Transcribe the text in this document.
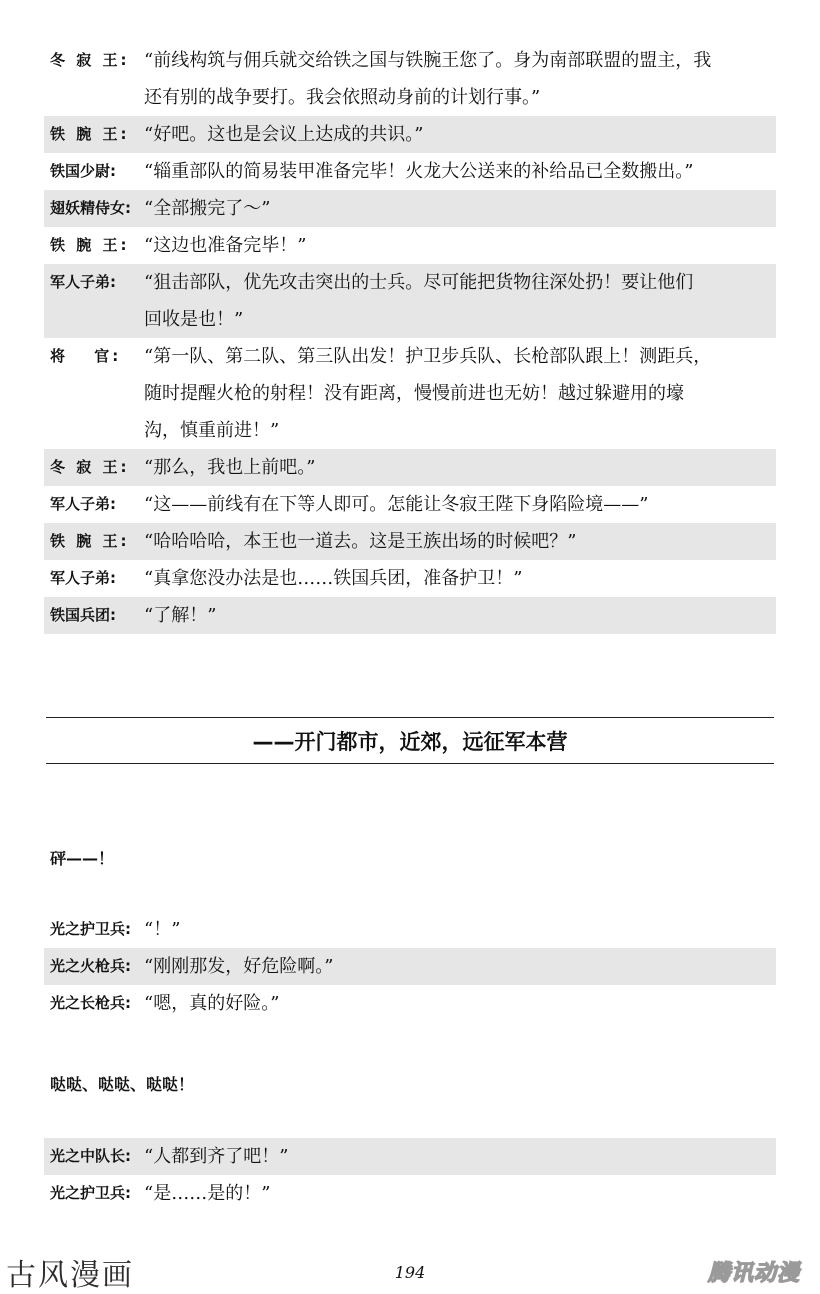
冬 寂 王: “前线构筑与佣兵就交给铁之国与铁腕王您了。身为南部联盟的盟主，我
还有别的战争要打。我会依照动身前的计划行事。”
铁 腕 王: “好吧。这也是会议上达成的共识。”
铁国少尉:	“辎重部队的简易装甲准备完毕！火龙大公送来的补给品已全数搬出。”
翅妖精侍女: “全部搬完了～”
铁 腕 王: “这边也准备完毕！”
军人子弟:	“狙击部队，优先攻击突出的士兵。尽可能把货物往深处扔！要让他们
回收是也！”
将　 官:	“第一队、第二队、第三队出发！护卫步兵队、长枪部队跟上！测距兵，
随时提醒火枪的射程！没有距离，慢慢前进也无妨！越过躲避用的壕
沟，慎重前进！”
冬 寂 王: “那么，我也上前吧。”
军人子弟:	“这——前线有在下等人即可。怎能让冬寂王陛下身陷险境——”
铁 腕 王: “哈哈哈哈，本王也一道去。这是王族出场的时候吧？”
军人子弟:	“真拿您没办法是也……铁国兵团，准备护卫！”
铁国兵团:	“了解！”
——开门都市，近郊，远征军本营
砰——！
光之护卫兵: “！”
光之火枪兵: “刚刚那发，好危险啊。”
光之长枪兵: “嗯，真的好险。”
哒哒、哒哒、哒哒！
光之中队长: “人都到齐了吧！”
光之护卫兵: “是……是的！”
古风漫画	194	腾讯动漫
